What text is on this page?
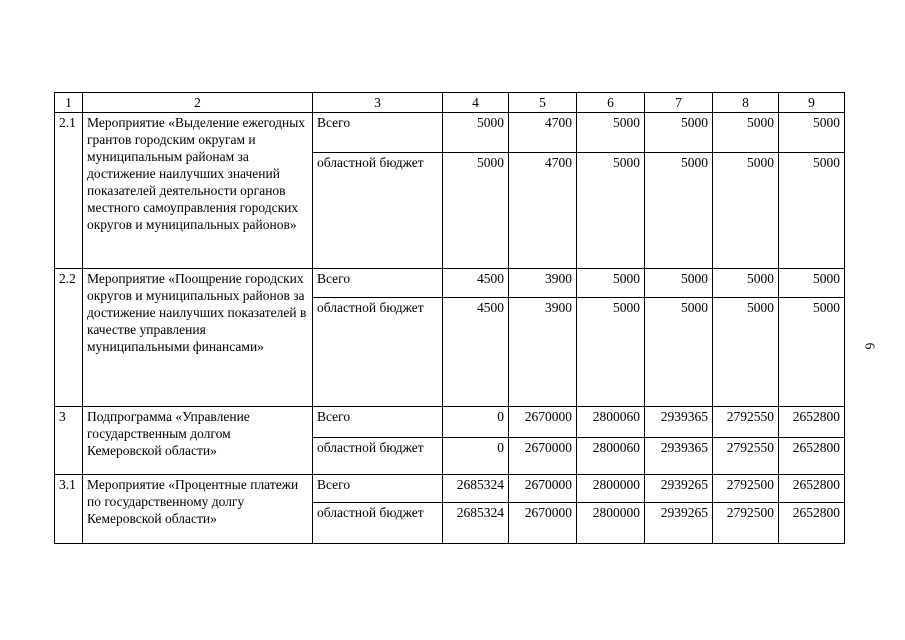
1	2	3	4	5	6	7	8	9
2.1	Мероприятие «Выделение ежегодных грантов городским округам и муниципальным районам за достижение наилучших значений показателей деятельности органов местного самоуправления городских округов и муниципальных районов»	Всего	5000	4700	5000	5000	5000	5000
		областной бюджет	5000	4700	5000	5000	5000	5000
2.2	Мероприятие «Поощрение городских округов и муниципальных районов за достижение наилучших показателей в качестве управления муниципальными финансами»	Всего	4500	3900	5000	5000	5000	5000
		областной бюджет	4500	3900	5000	5000	5000	5000
3	Подпрограмма «Управление государственным долгом Кемеровской области»	Всего	0	2670000	2800060	2939365	2792550	2652800
		областной бюджет	0	2670000	2800060	2939365	2792550	2652800
3.1	Мероприятие «Процентные платежи по государственному долгу Кемеровской области»	Всего	2685324	2670000	2800000	2939265	2792500	2652800
		областной бюджет	2685324	2670000	2800000	2939265	2792500	2652800
6
